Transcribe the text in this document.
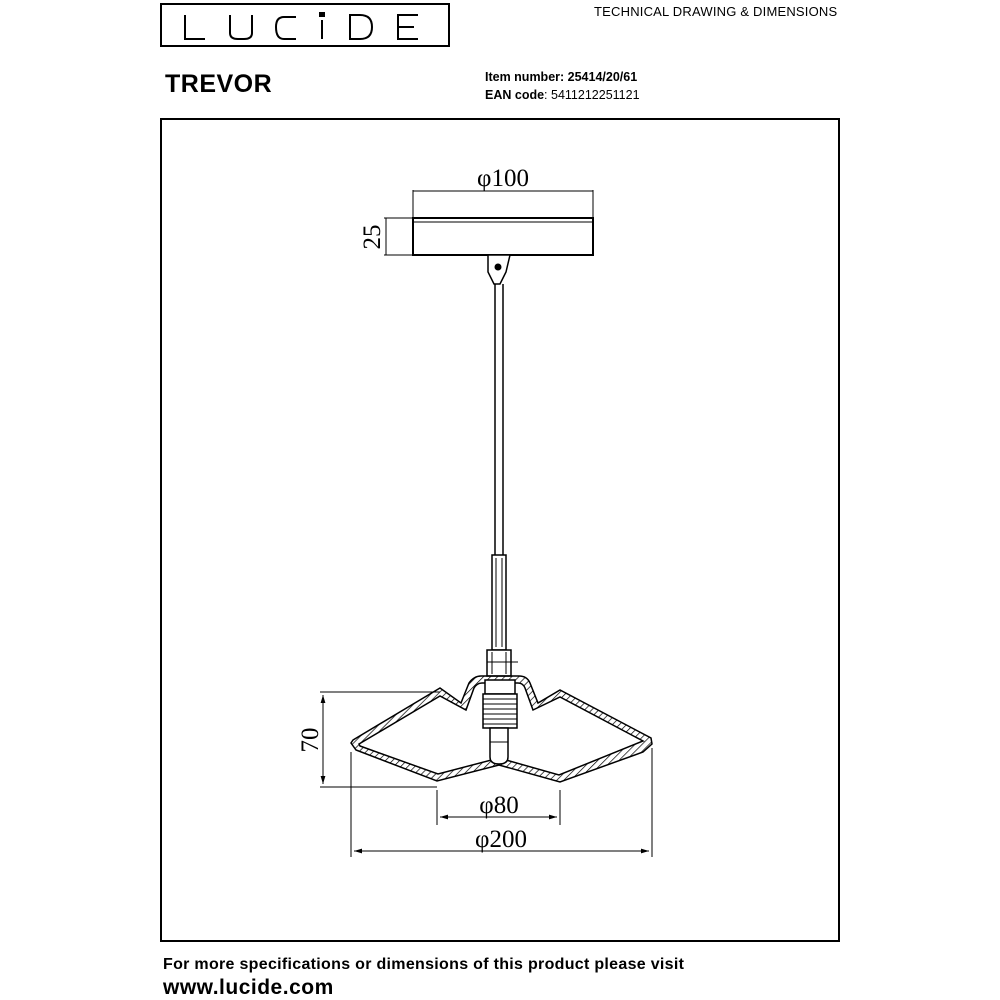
TECHNICAL DRAWING & DIMENSIONS
TREVOR	Item number: 25414/20/61
EAN code: 5411212251121
φ100
25
70
φ80
φ200
For more specifications or dimensions of this product please visit
www.lucide.com
